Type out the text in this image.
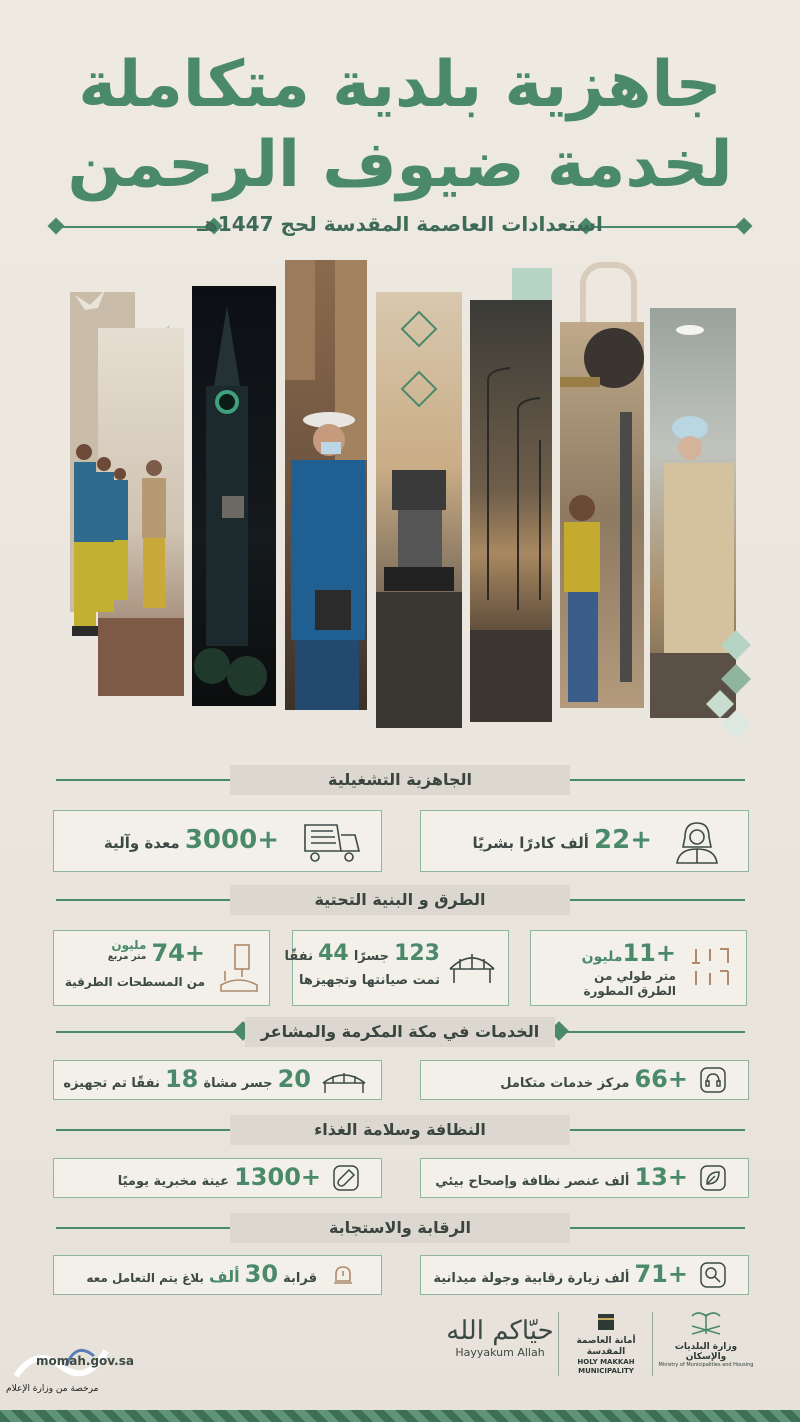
جاهزية بلدية متكاملة
لخدمة ضيوف الرحمن
استعدادات العاصمة المقدسة لحج 1447هـ
الجاهزية التشغيلية
+22 ألف كادرًا بشريًا
+3000 معدة وآلية
الطرق و البنية التحتية
+11مليون
متر طولي من الطرق المطورة
123 جسرًا 44 نفقًا
تمت صيانتها وتجهيزها
+74
مليون
متر مربع
من المسطحات الطرقية
الخدمات في مكة المكرمة والمشاعر
+66 مركز خدمات متكامل
20 جسر مشاة 18 نفقًا تم تجهيزه
النظافة وسلامة الغذاء
+13 ألف عنصر نظافة وإصحاح بيئي
+1300 عينة مخبرية يوميًا
الرقابة والاستجابة
+71 ألف زيارة رقابية وجولة ميدانية
قرابة 30 ألف بلاغ يتم التعامل معه
مرخصة من وزارة الإعلام
momah.gov.sa
حيّاكم الله
Hayyakum Allah
أمانة العاصمة
المقدسة
HOLY MAKKAH
MUNICIPALITY
وزارة البلديات والإسكان
Ministry of Municipalities and Housing
